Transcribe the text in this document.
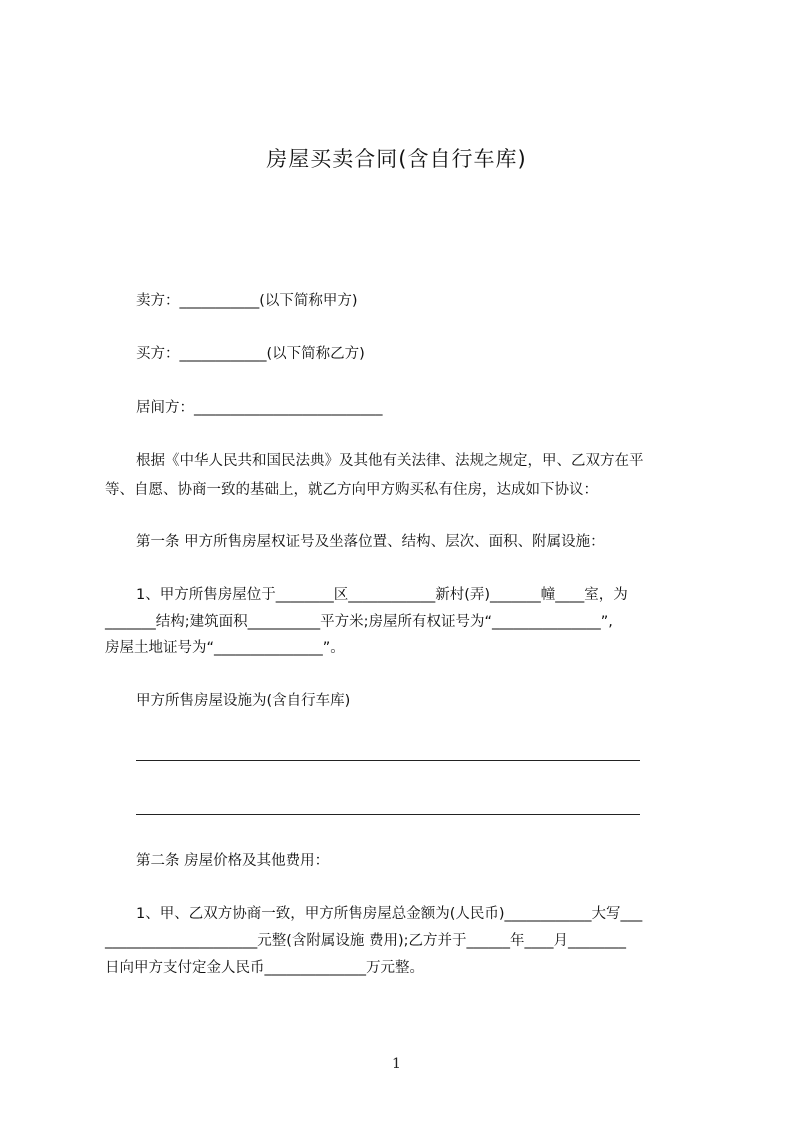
房屋买卖合同(含自行车库)
卖方：___________(以下简称甲方)
买方：____________(以下简称乙方)
居间方：__________________________
根据《中华人民共和国民法典》及其他有关法律、法规之规定，甲、乙双方在平
等、自愿、协商一致的基础上，就乙方向甲方购买私有住房，达成如下协议：
第一条 甲方所售房屋权证号及坐落位置、结构、层次、面积、附属设施：
1、甲方所售房屋位于________区____________新村(弄)_______幢____室，为
_______结构;建筑面积__________平方米;房屋所有权证号为“_______________”,
房屋土地证号为“_______________”。
甲方所售房屋设施为(含自行车库)
第二条 房屋价格及其他费用：
1、甲、乙双方协商一致，甲方所售房屋总金额为(人民币)____________大写___
_____________________元整(含附属设施 费用);乙方并于______年____月________
日向甲方支付定金人民币______________万元整。
1
